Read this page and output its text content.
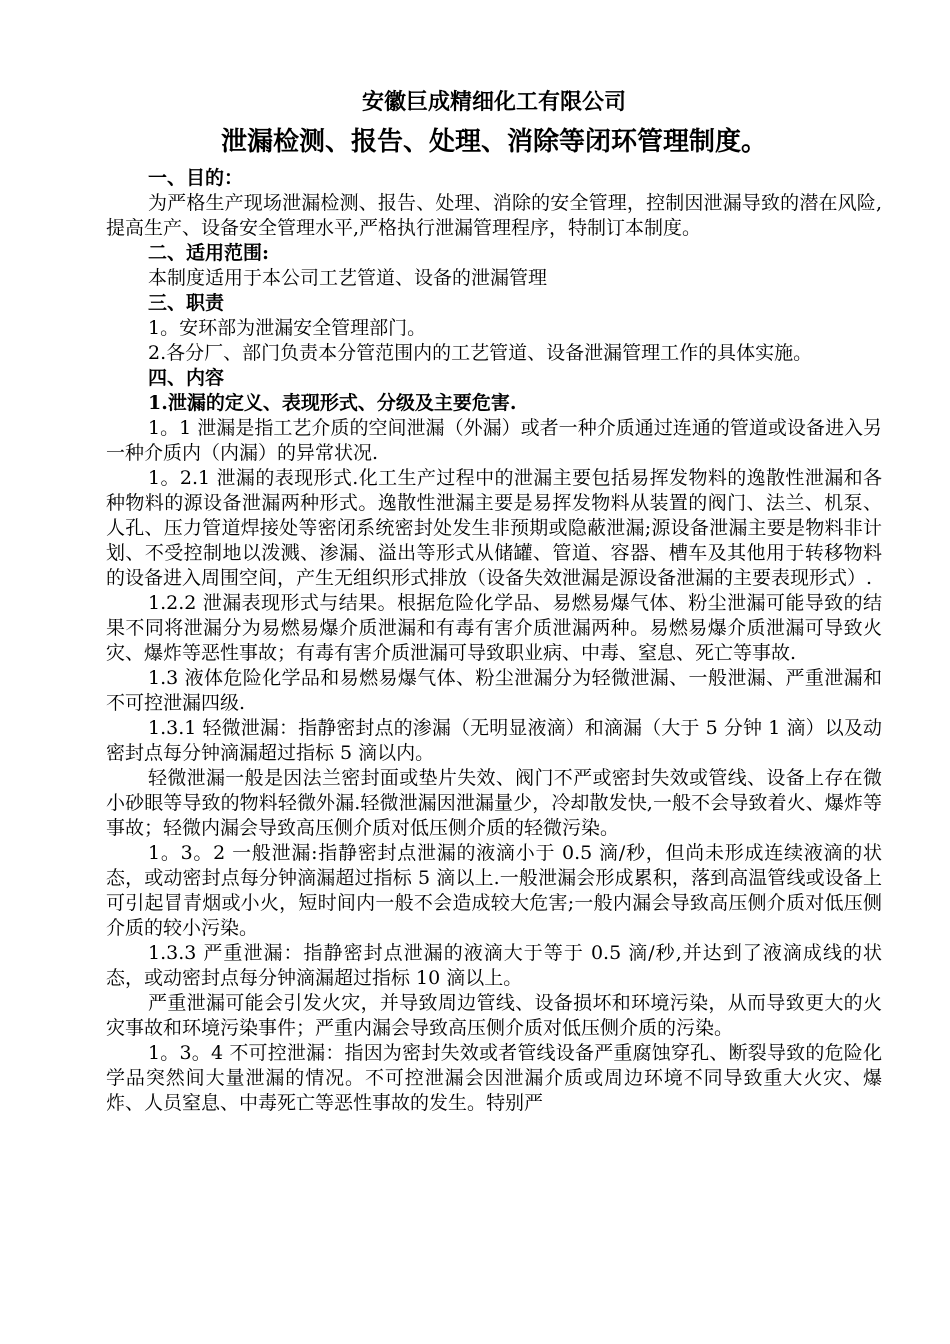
安徽巨成精细化工有限公司

泄漏检测、报告、处理、消除等闭环管理制度。

一、目的：

为严格生产现场泄漏检测、报告、处理、消除的安全管理，控制因泄漏导致的潜在风险,提高生产、设备安全管理水平,严格执行泄漏管理程序，特制订本制度。

二、适用范围:

本制度适用于本公司工艺管道、设备的泄漏管理

三、职责

1。安环部为泄漏安全管理部门。

2.各分厂、部门负责本分管范围内的工艺管道、设备泄漏管理工作的具体实施。

四、内容

1.泄漏的定义、表现形式、分级及主要危害.

1。1 泄漏是指工艺介质的空间泄漏（外漏）或者一种介质通过连通的管道或设备进入另一种介质内（内漏）的异常状况.

1。2.1 泄漏的表现形式.化工生产过程中的泄漏主要包括易挥发物料的逸散性泄漏和各种物料的源设备泄漏两种形式。逸散性泄漏主要是易挥发物料从装置的阀门、法兰、机泵、人孔、压力管道焊接处等密闭系统密封处发生非预期或隐蔽泄漏;源设备泄漏主要是物料非计划、不受控制地以泼溅、渗漏、溢出等形式从储罐、管道、容器、槽车及其他用于转移物料的设备进入周围空间，产生无组织形式排放（设备失效泄漏是源设备泄漏的主要表现形式）.

1.2.2 泄漏表现形式与结果。根据危险化学品、易燃易爆气体、粉尘泄漏可能导致的结果不同将泄漏分为易燃易爆介质泄漏和有毒有害介质泄漏两种。易燃易爆介质泄漏可导致火灾、爆炸等恶性事故；有毒有害介质泄漏可导致职业病、中毒、窒息、死亡等事故.

1.3 液体危险化学品和易燃易爆气体、粉尘泄漏分为轻微泄漏、一般泄漏、严重泄漏和不可控泄漏四级.

1.3.1 轻微泄漏：指静密封点的渗漏（无明显液滴）和滴漏（大于 5 分钟 1 滴）以及动密封点每分钟滴漏超过指标 5 滴以内。

轻微泄漏一般是因法兰密封面或垫片失效、阀门不严或密封失效或管线、设备上存在微小砂眼等导致的物料轻微外漏.轻微泄漏因泄漏量少，冷却散发快,一般不会导致着火、爆炸等事故；轻微内漏会导致高压侧介质对低压侧介质的轻微污染。

1。3。2 一般泄漏:指静密封点泄漏的液滴小于 0.5 滴/秒，但尚未形成连续液滴的状态，或动密封点每分钟滴漏超过指标 5 滴以上.一般泄漏会形成累积，落到高温管线或设备上可引起冒青烟或小火，短时间内一般不会造成较大危害;一般内漏会导致高压侧介质对低压侧介质的较小污染。

1.3.3 严重泄漏：指静密封点泄漏的液滴大于等于 0.5 滴/秒,并达到了液滴成线的状态，或动密封点每分钟滴漏超过指标 10 滴以上。

严重泄漏可能会引发火灾，并导致周边管线、设备损坏和环境污染，从而导致更大的火灾事故和环境污染事件；严重内漏会导致高压侧介质对低压侧介质的污染。

1。3。4 不可控泄漏：指因为密封失效或者管线设备严重腐蚀穿孔、断裂导致的危险化学品突然间大量泄漏的情况。不可控泄漏会因泄漏介质或周边环境不同导致重大火灾、爆炸、人员窒息、中毒死亡等恶性事故的发生。特别严
